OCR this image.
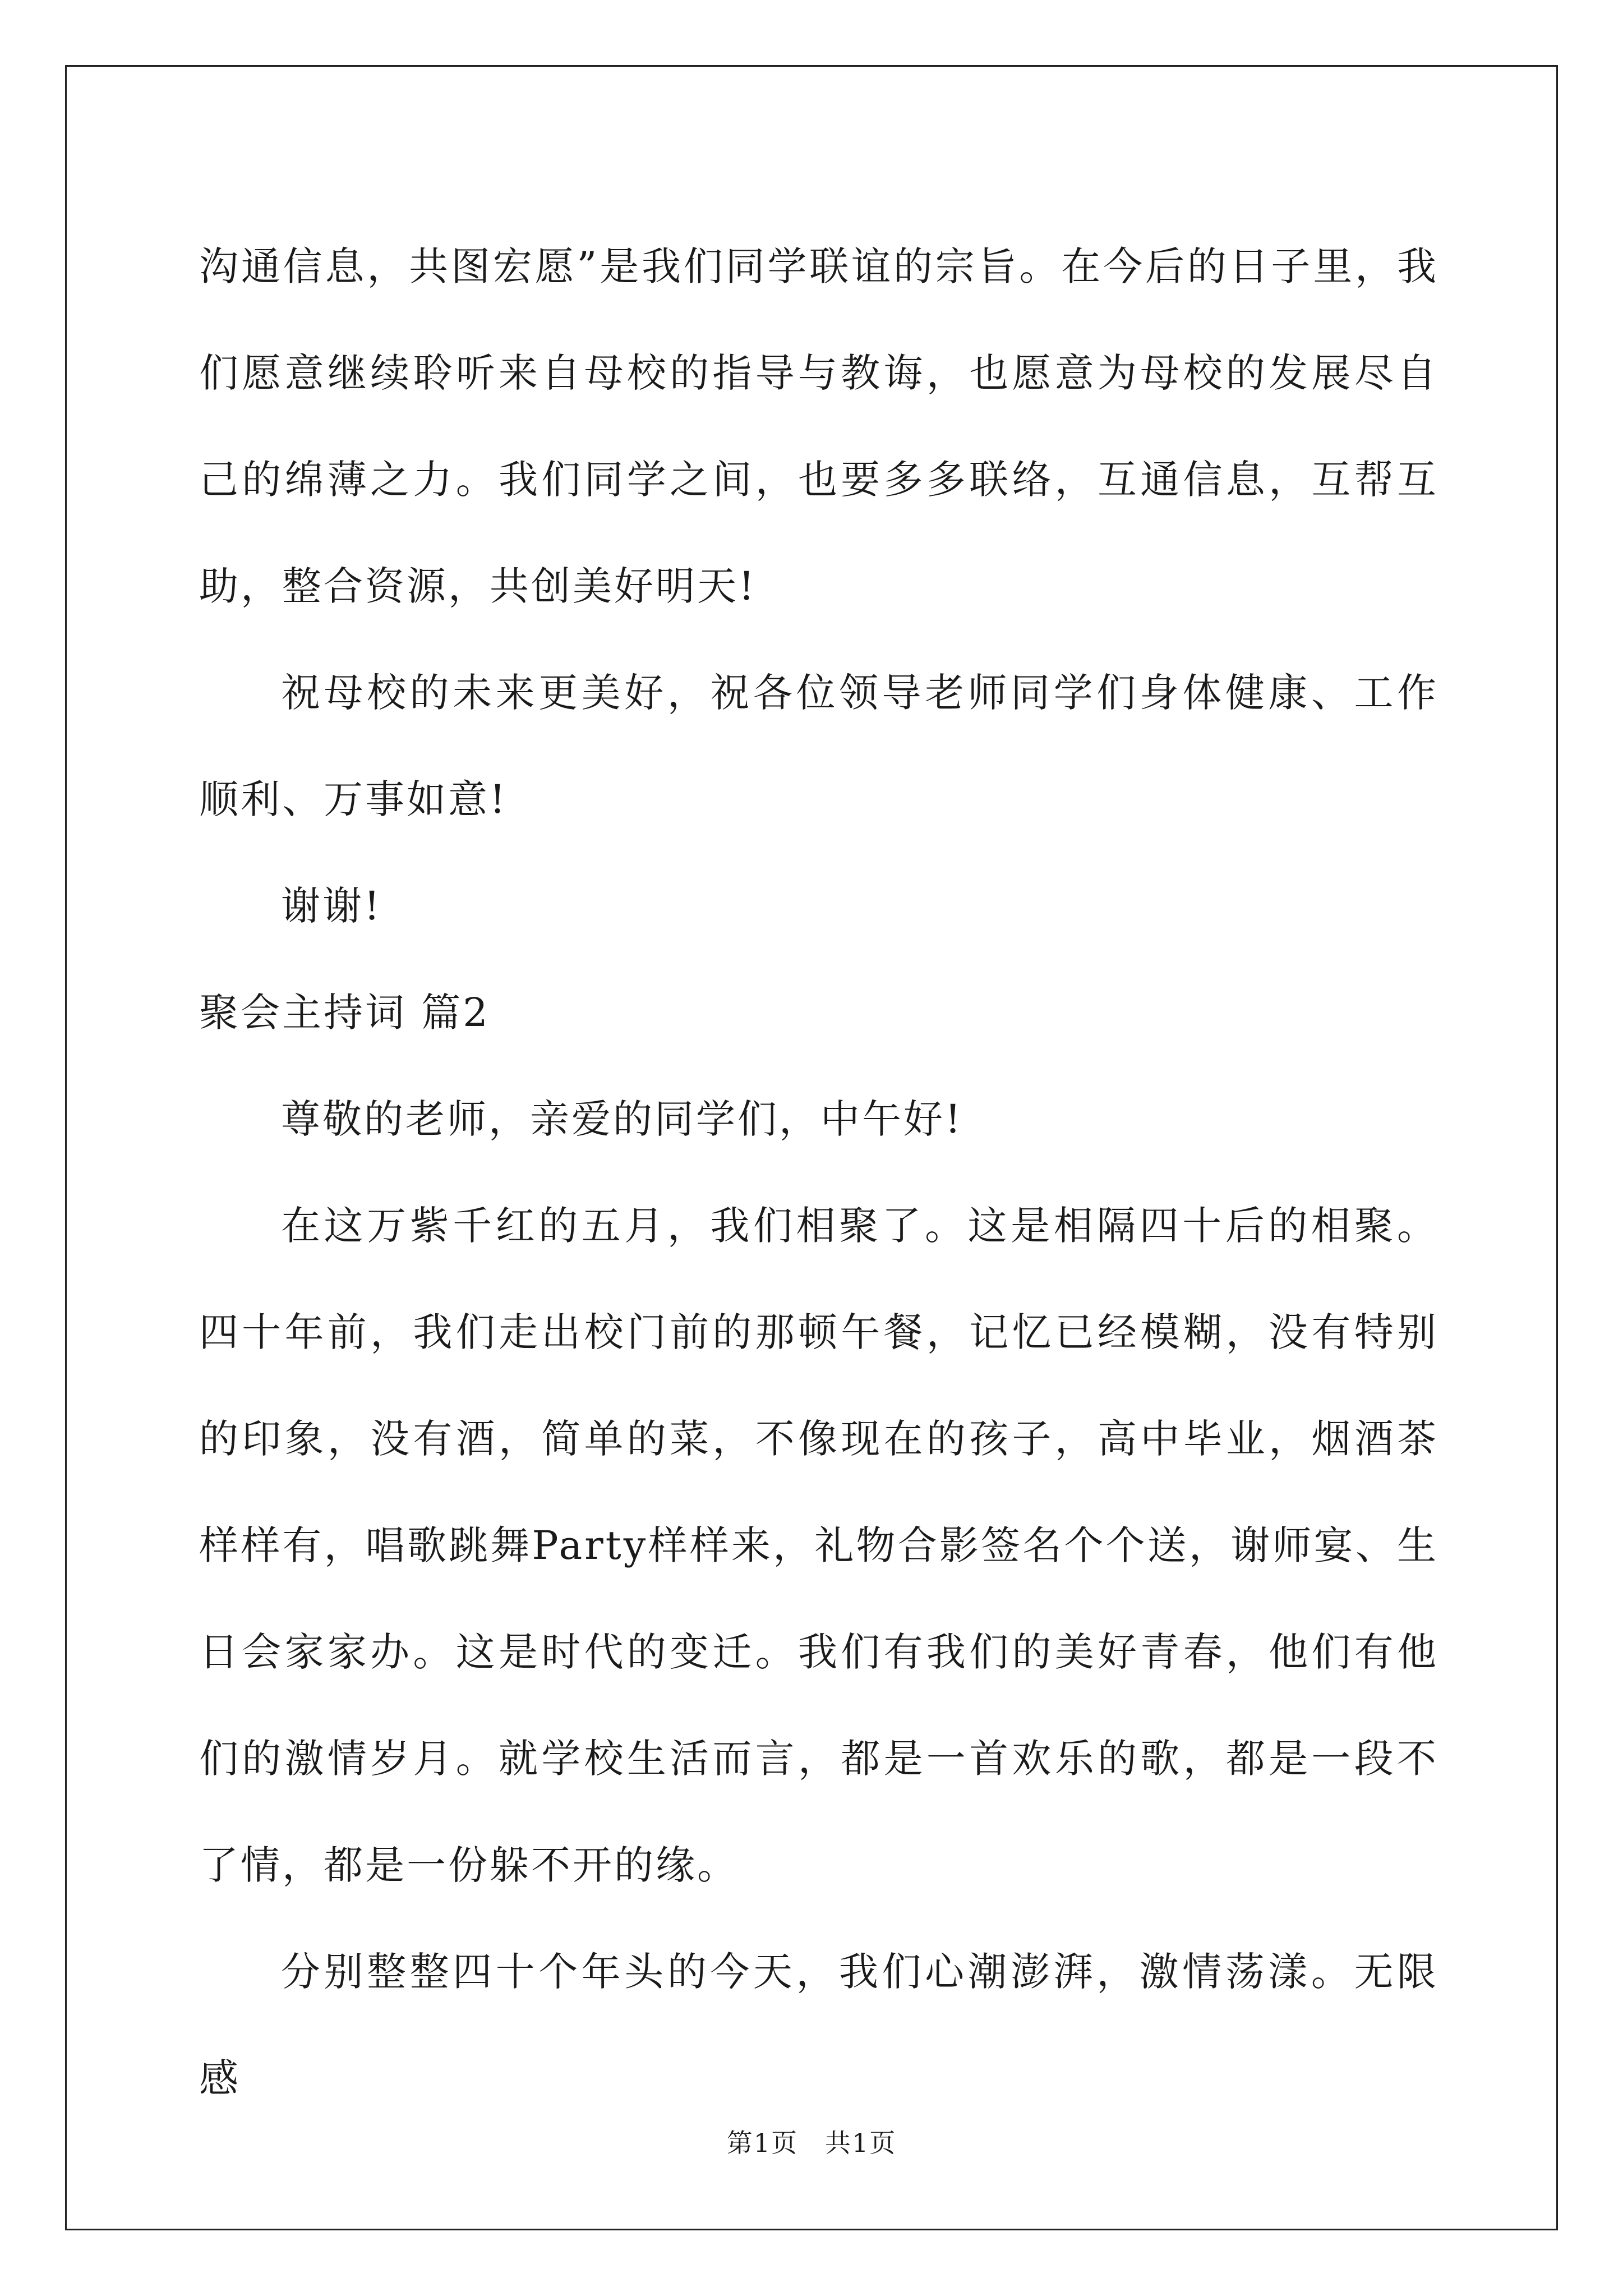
沟通信息，共图宏愿”是我们同学联谊的宗旨。在今后的日子里，我们愿意继续聆听来自母校的指导与教诲，也愿意为母校的发展尽自己的绵薄之力。我们同学之间，也要多多联络，互通信息，互帮互助，整合资源，共创美好明天!

祝母校的未来更美好，祝各位领导老师同学们身体健康、工作顺利、万事如意!

谢谢!

聚会主持词 篇2

尊敬的老师，亲爱的同学们，中午好!

在这万紫千红的五月，我们相聚了。这是相隔四十后的相聚。四十年前，我们走出校门前的那顿午餐，记忆已经模糊，没有特别的印象，没有酒，简单的菜，不像现在的孩子，高中毕业，烟酒茶样样有，唱歌跳舞Party样样来，礼物合影签名个个送，谢师宴、生日会家家办。这是时代的变迁。我们有我们的美好青春，他们有他们的激情岁月。就学校生活而言，都是一首欢乐的歌，都是一段不了情，都是一份躲不开的缘。

分别整整四十个年头的今天，我们心潮澎湃，激情荡漾。无限感

第1页　共1页
